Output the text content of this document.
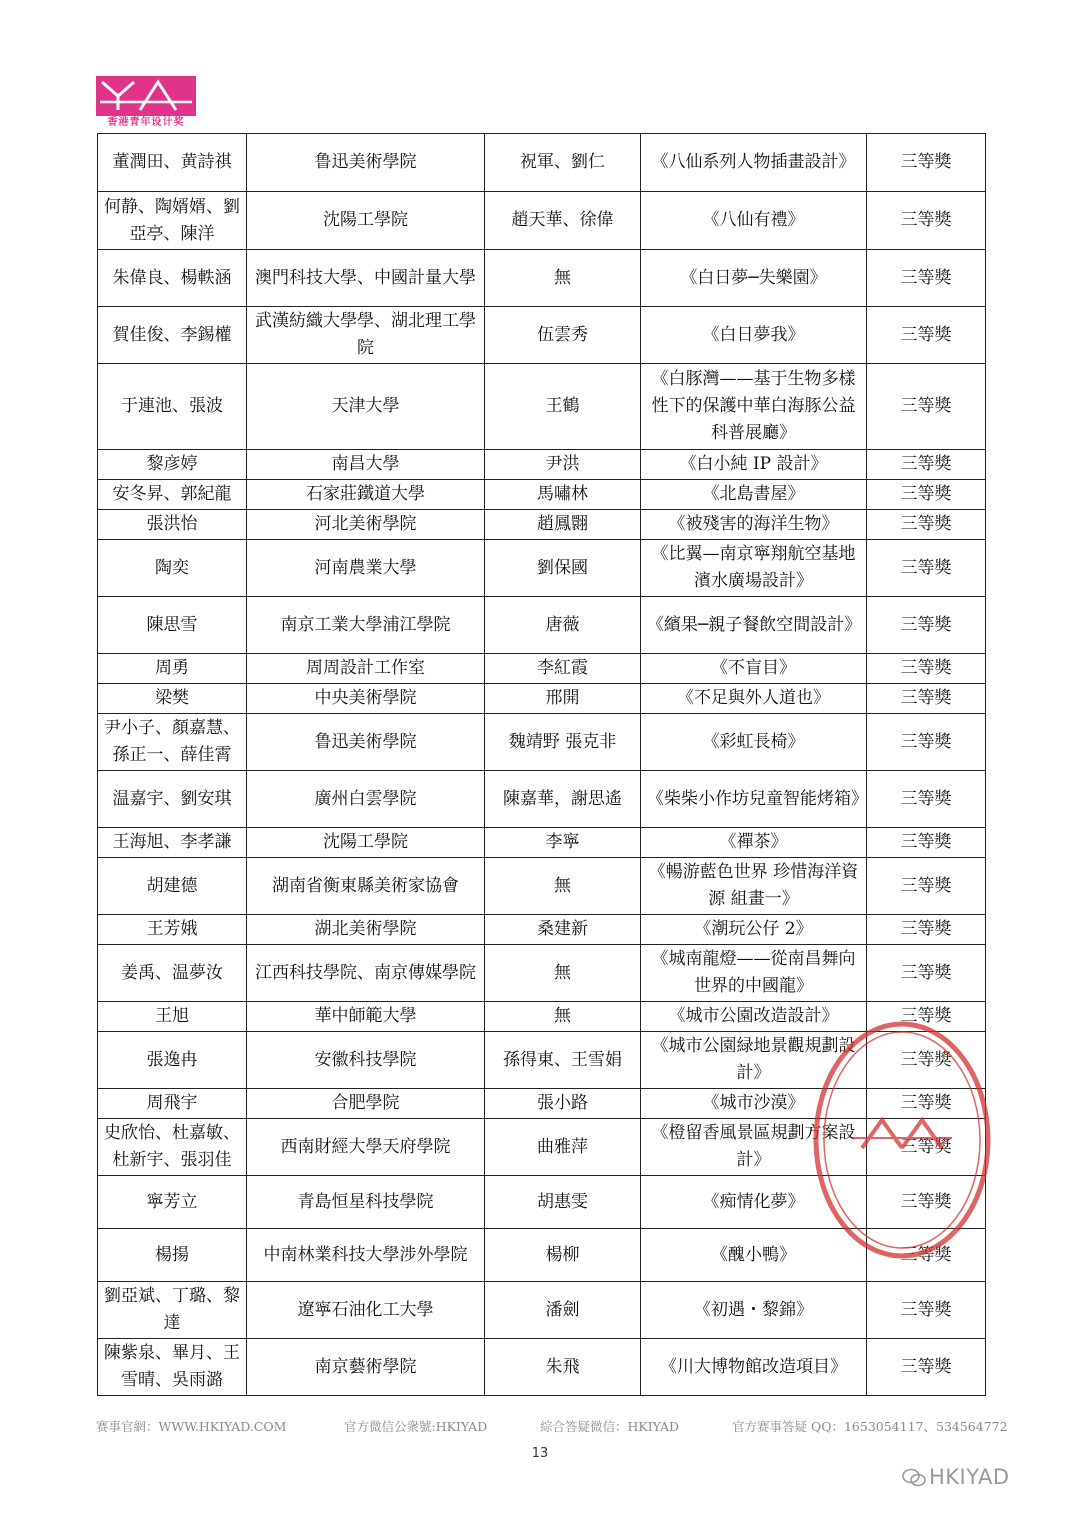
香港青年设计奖
董潤田、黄詩祺	鲁迅美術學院	祝軍、劉仁	《八仙系列人物插畫設計》	三等獎
何静、陶婿婿、劉亞亭、陳洋	沈陽工學院	趙天華、徐偉	《八仙有禮》	三等獎
朱偉良、楊軼涵	澳門科技大學、中國計量大學	無	《白日夢─失樂園》	三等獎
賀佳俊、李錫權	武漢紡織大學學、湖北理工學院	伍雲秀	《白日夢我》	三等獎
于連池、張波	天津大學	王鶴	《白豚灣——基于生物多樣性下的保護中華白海豚公益科普展廳》	三等獎
黎彦婷	南昌大學	尹洪	《白小純 IP 設計》	三等獎
安冬昇、郭紀龍	石家莊鐵道大學	馬嘯林	《北島書屋》	三等獎
張洪怡	河北美術學院	趙鳳翾	《被殘害的海洋生物》	三等獎
陶奕	河南農業大學	劉保國	《比翼—南京寧翔航空基地濱水廣場設計》	三等獎
陳思雪	南京工業大學浦江學院	唐薇	《繽果─親子餐飲空間設計》	三等獎
周勇	周周設計工作室	李紅霞	《不盲目》	三等獎
梁樊	中央美術學院	邢開	《不足與外人道也》	三等獎
尹小子、顏嘉慧、孫正一、薛佳霄	鲁迅美術學院	魏靖野 張克非	《彩虹長椅》	三等獎
温嘉宇、劉安琪	廣州白雲學院	陳嘉華，謝思遙	《柴柴小作坊兒童智能烤箱》	三等獎
王海旭、李孝謙	沈陽工學院	李寧	《禪茶》	三等獎
胡建德	湖南省衡東縣美術家協會	無	《暢游藍色世界 珍惜海洋資源 組畫一》	三等獎
王芳娥	湖北美術學院	桑建新	《潮玩公仔 2》	三等獎
姜禹、温夢汝	江西科技學院、南京傳媒學院	無	《城南龍燈——從南昌舞向世界的中國龍》	三等獎
王旭	華中師範大學	無	《城市公園改造設計》	三等獎
張逸冉	安徽科技學院	孫得東、王雪娟	《城市公園緑地景觀規劃設計》	三等獎
周飛宇	合肥學院	張小路	《城市沙漠》	三等獎
史欣怡、杜嘉敏、杜新宇、張羽佳	西南財經大學天府學院	曲雅萍	《橙留香風景區規劃方案設計》	三等獎
寧芳立	青島恒星科技學院	胡惠雯	《痴情化夢》	三等獎
楊揚	中南林業科技大學涉外學院	楊柳	《醜小鴨》	三等獎
劉亞斌、丁璐、黎達	遼寧石油化工大學	潘劍	《初遇・黎錦》	三等獎
陳紫泉、畢月、王雪晴、吳雨潞	南京藝術學院	朱飛	《川大博物館改造項目》	三等獎
赛事官網：WWW.HKIYAD.COM	官方微信公衆號:HKIYAD	綜合答疑微信：HKIYAD	官方赛事答疑 QQ：1653054117、534564772
13
HKIYAD
